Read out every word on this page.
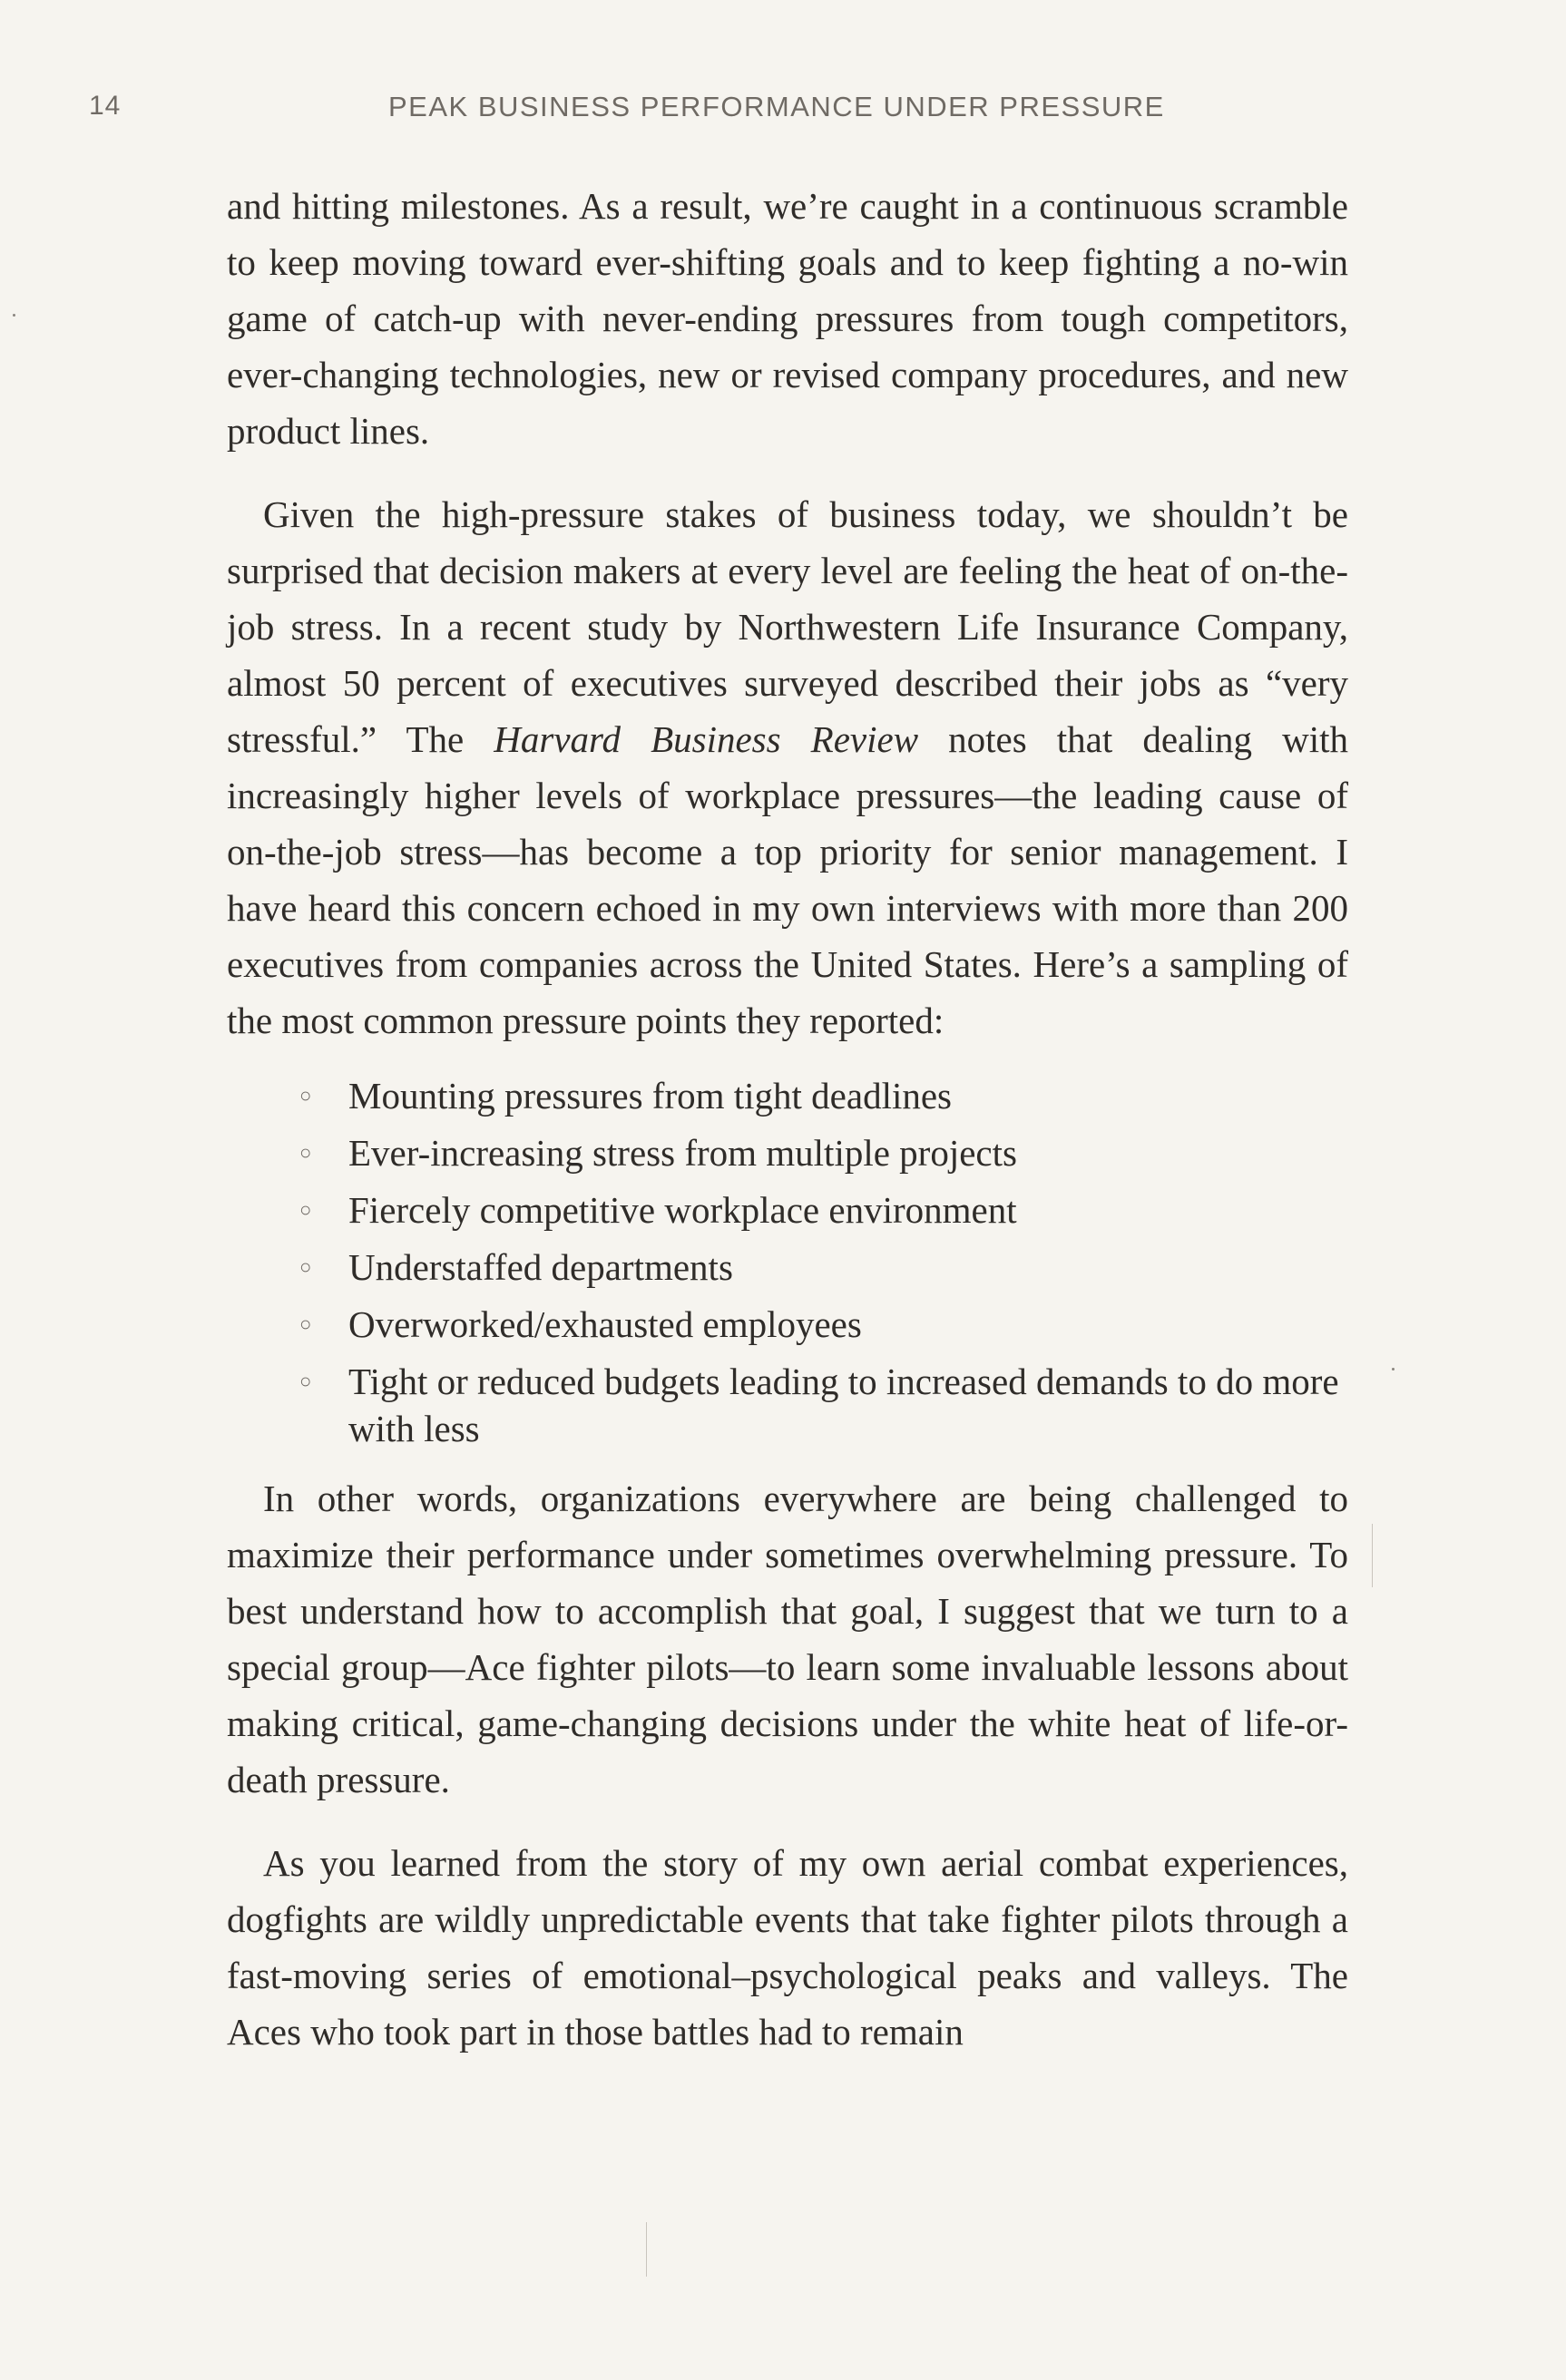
14	PEAK BUSINESS PERFORMANCE UNDER PRESSURE

and hitting milestones. As a result, we’re caught in a continuous scramble to keep moving toward ever-shifting goals and to keep fighting a no-win game of catch-up with never-ending pressures from tough competitors, ever-changing technologies, new or revised company procedures, and new product lines.

Given the high-pressure stakes of business today, we shouldn’t be surprised that decision makers at every level are feeling the heat of on-the-job stress. In a recent study by Northwestern Life Insurance Company, almost 50 percent of executives surveyed described their jobs as “very stressful.” The Harvard Business Review notes that dealing with increasingly higher levels of workplace pressures—the leading cause of on-the-job stress—has become a top priority for senior management. I have heard this concern echoed in my own interviews with more than 200 executives from companies across the United States. Here’s a sampling of the most common pressure points they reported:

○ Mounting pressures from tight deadlines
○ Ever-increasing stress from multiple projects
○ Fiercely competitive workplace environment
○ Understaffed departments
○ Overworked/exhausted employees
○ Tight or reduced budgets leading to increased demands to do more with less

In other words, organizations everywhere are being challenged to maximize their performance under sometimes overwhelming pressure. To best understand how to accomplish that goal, I suggest that we turn to a special group—Ace fighter pilots—to learn some invaluable lessons about making critical, game-changing decisions under the white heat of life-or-death pressure.

As you learned from the story of my own aerial combat experiences, dogfights are wildly unpredictable events that take fighter pilots through a fast-moving series of emotional–psychological peaks and valleys. The Aces who took part in those battles had to remain
